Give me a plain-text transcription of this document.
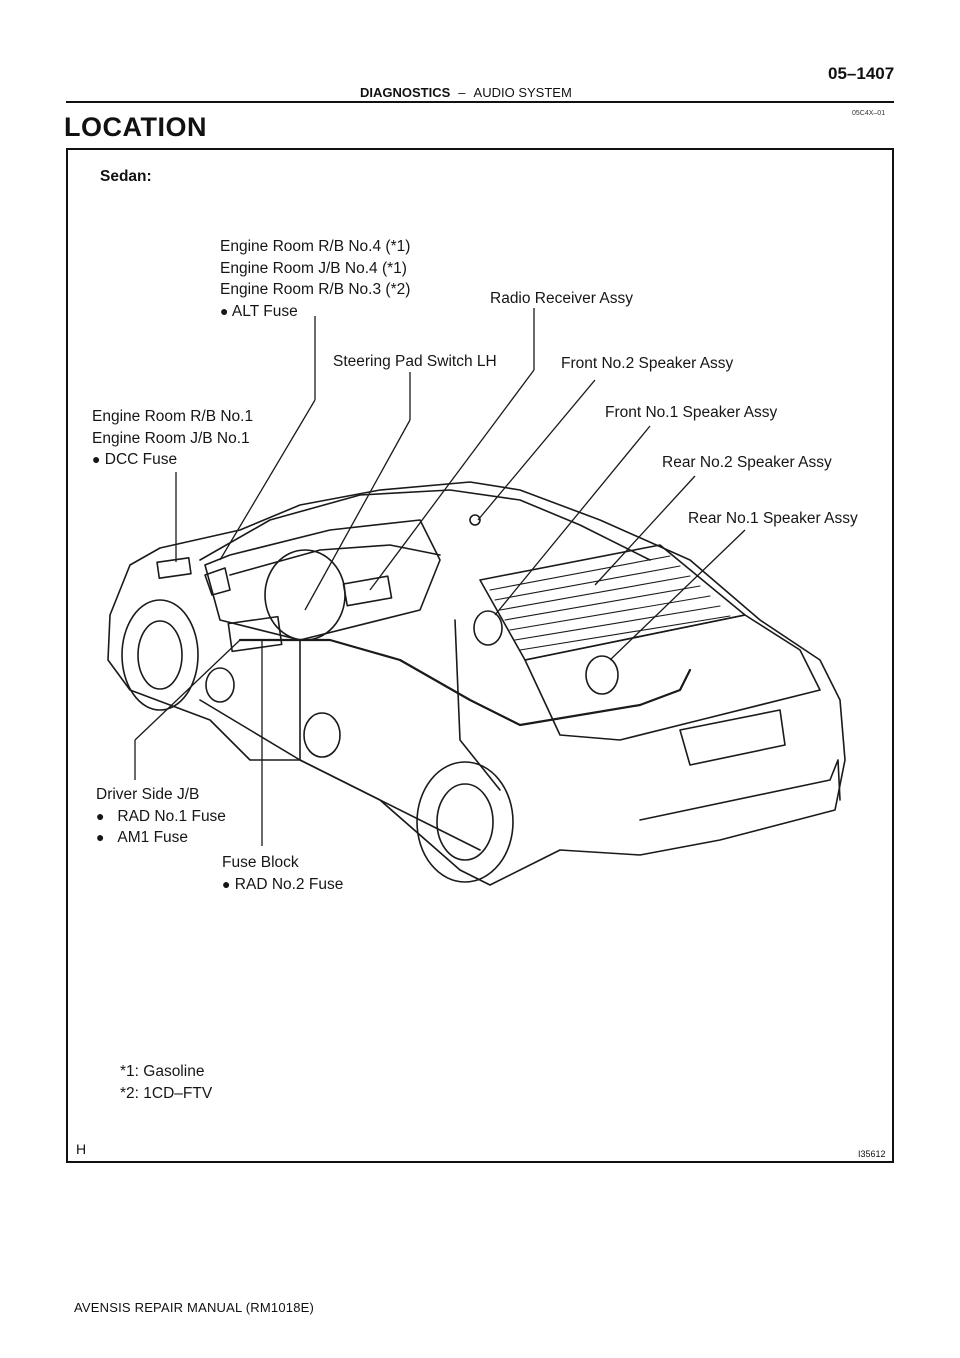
05–1407
DIAGNOSTICS – AUDIO SYSTEM
05C4X–01
LOCATION
Sedan:
Engine Room R/B No.4 (*1)
Engine Room J/B No.4 (*1)
Engine Room R/B No.3 (*2)
● ALT Fuse
Radio Receiver Assy
Steering Pad Switch LH	Front No.2 Speaker Assy
Front No.1 Speaker Assy
Engine Room R/B No.1
Engine Room J/B No.1
● DCC Fuse	Rear No.2 Speaker Assy
Rear No.1 Speaker Assy
Driver Side J/B
● RAD No.1 Fuse
● AM1 Fuse
Fuse Block
● RAD No.2 Fuse
*1: Gasoline
*2: 1CD–FTV
H	I35612
AVENSIS REPAIR MANUAL (RM1018E)
